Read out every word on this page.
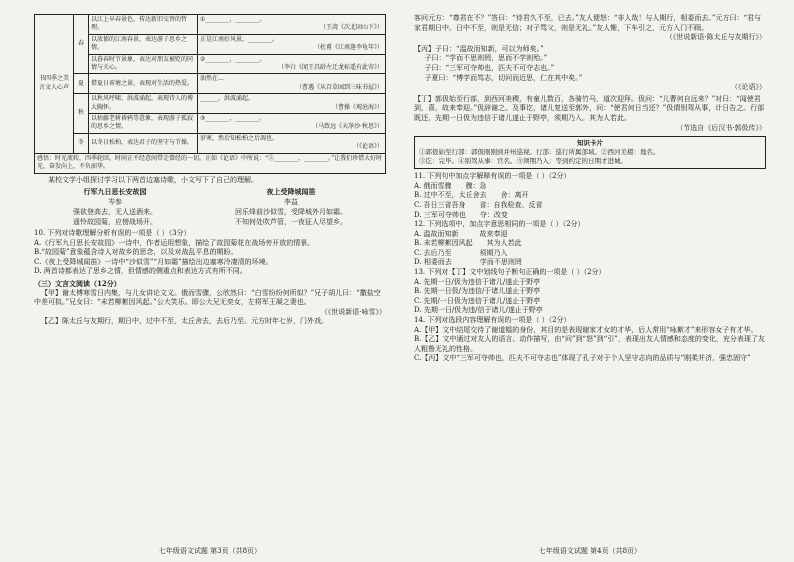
书四季之美 言文人心声	春	以江上早春景色，传达新旧交替的哲理。	①________，________。
（王湾《次北固山下》）

		以浓郁的江南春景，表达游子思乡之情。	正是江南好风景，________。
（杜甫《江南逢李龟年》）

		以暮春时节景象，表达对朋友被贬的同情与关心。	②________，________。
（李白《闻王昌龄左迁龙标遥有此寄》）

	夏	借夏日荷塘之景，表现对生活的热爱。	油然在...
（曹遇《从百草园到三味书屋》）

	秋	以秋风呼啸、洪波涌起，表现诗人的博大胸怀。	______，洪波涌起。
（曹操《观沧海》）

		以枯藤老树昏鸦等意象，表现游子孤寂的思乡之情。	③________，________。
（马致远《天净沙·秋思》）

	冬	以冬日松柏，表达君子的坚守与节操。	岁寒，然后知松柏之后凋也。
（《论语》）

感悟：时光流转，四季轮回。时间正不经意间带走曾经的一切。正如《论语》中所说：“⑤________，________。”让我们珍惜大好时光，奋发向上，不负韶华。			
某校文学小组探讨学习以下两首边塞诗歌，小文写下了自己的理解。
行军九日思长安故园
岑参
强欲登高去，无人送酒来。
遥怜故园菊，应傍战场开。
夜上受降城闻笛
李益
回乐烽前沙似雪，受降城外月如霜。
不知何处吹芦管，一夜征人尽望乡。
10. 下列对诗歌理解分析有误的一项是（ ）（3分）
A.《行军九日思长安故园》一诗中，作者运用想象，描绘了故园菊花在战场旁开放的情景。
B.“故园菊”意象蕴含诗人对故乡的思念，以及对战乱平息的期盼。
C.《夜上受降城闻笛》一诗中“沙似雪”“月如霜”描绘出边塞寒冷凄清的环境。
D. 两首诗都表达了思乡之情，但情感的侧重点和表达方式有所不同。
（三）文言文阅读（12分）
【甲】谢太傅寒雪日内集，与儿女讲论文义。俄而雪骤，公欣然曰：“白雪纷纷何所似？”兄子胡儿曰：“撒盐空中差可拟。”兄女曰：“未若柳絮因风起。”公大笑乐。即公大兄无奕女，左将军王凝之妻也。
（《世说新语·咏雪》）
【乙】陈太丘与友期行，期日中，过中不至，太丘舍去，去后乃至。元方时年七岁，门外戏。
七年级语文试题 第3页（共8页）
客问元方：“尊君在不？”答曰：“待君久不至，已去。”友人便怒：“非人哉！与人期行，相委而去。”元方曰：“君与家君期日中。日中不至，则是无信；对子骂父，则是无礼。”友人惭，下车引之，元方入门不顾。
（《世说新语·陈太丘与友期行》）
【丙】子曰：“温故而知新，可以为师矣。”
子曰：“学而不思则罔，思而不学则殆。”
子曰：“三军可夺帅也，匹夫不可夺志也。”
子夏曰：“博学而笃志，切问而近思，仁在其中矣。”
（《论语》）
【丁】郭伋始至行部，到西河美稷，有童儿数百，各骑竹马，道次迎拜。伋问：“儿曹何自远来？”对曰：“闻使君到，喜，故来奉迎。”伋辞谢之。及事讫，诸儿复送至郭外，问：“使君何日当还？”伋谓别驾从事，计日告之。行部既还，先期一日伋为违信于诸儿遂止于野亭，须期乃入。其为人若此。
（节选自《后汉书·郭伋传》）
知识卡片
①郭伋始至行部：郭伋刚刚到并州巡视。行部：巡行所属部域。②西河美稷：地名。
③讫：完毕。④别驾从事：官名。⑤须期乃入：等到约定的日期才进城。
11. 下列句中加点字解释有误的一项是（ ）（2分）
A. 俄而雪骤　　骤：急
B. 过中不至，太丘舍去　　舍：离开
C. 吾日三省吾身　　省：自我检查、反省
D. 三军可夺帅也　　夺：改变
12. 下列选项中，加点字意思相同的一项是（ ）（2分）
A. 温故而知新　　　故来奉迎
B. 未若柳絮因风起　　其为人若此
C. 去后乃至　　　　须期乃入
D. 相委而去　　　　学而不思则罔
13. 下列对【丁】文中划线句子断句正确的一项是（ ）（2分）
A. 先期一日/伋为违信于诸儿/遂止于野亭
B. 先期一日伋/为违信/于诸儿遂止于野亭
C. 先期/一日伋为违信于诸儿/遂止于野亭
D. 先期一日/伋为违/信于诸儿/遂止于野亭
14. 下列对选段内容理解有误的一项是（ ）（2分）
A.【甲】文中结尾交待了谢道韫的身份，其目的是表现谢家才女的才华，后人常用“咏絮才”来形容女子有才华。
B.【乙】文中通过对友人的语言、动作描写，由“问”到“怒”到“引”，表现出友人情感和态度的变化，充分表现了友人粗鲁无礼的性格。
C.【丙】文中“三军可夺帅也，匹夫不可夺志也”体现了孔子对于个人坚守志向的品质与“刚柔并济，强忠固守”
七年级语文试题 第4页（共8页）
